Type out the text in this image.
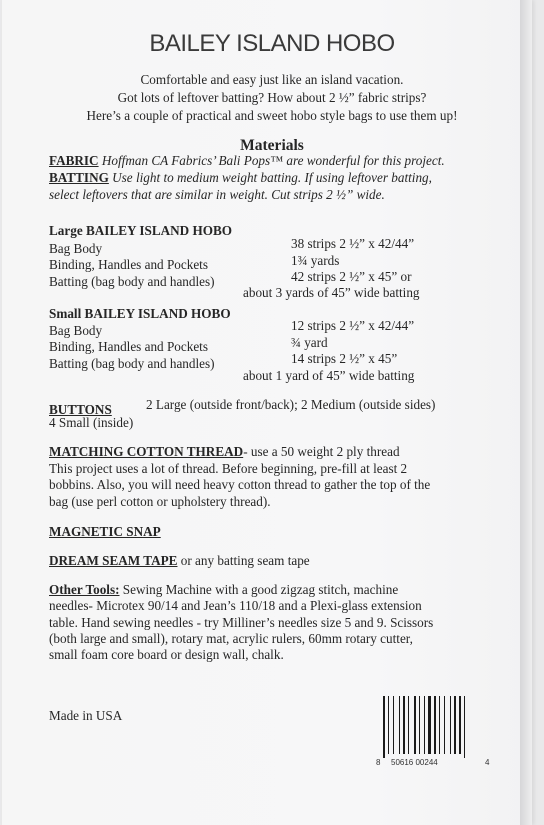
BAILEY ISLAND HOBO
Comfortable and easy just like an island vacation.
Got lots of leftover batting? How about 2 ½” fabric strips?
Here’s a couple of practical and sweet hobo style bags to use them up!
Materials
FABRIC Hoffman CA Fabrics’ Bali Pops™ are wonderful for this project.
BATTING Use light to medium weight batting. If using leftover batting,
select leftovers that are similar in weight. Cut strips 2 ½” wide.
Large BAILEY ISLAND HOBO
Bag Body	38 strips 2 ½” x 42/44”
Binding, Handles and Pockets	1¾ yards
Batting (bag body and handles)	42 strips 2 ½” x 45” or
about 3 yards of 45” wide batting
Small BAILEY ISLAND HOBO
Bag Body	12 strips 2 ½” x 42/44”
Binding, Handles and Pockets	¾ yard
Batting (bag body and handles)	14 strips 2 ½” x 45”
about 1 yard of 45” wide batting
BUTTONS	2 Large (outside front/back); 2 Medium (outside sides)
4 Small (inside)
MATCHING COTTON THREAD- use a 50 weight 2 ply thread
This project uses a lot of thread. Before beginning, pre-fill at least 2
bobbins. Also, you will need heavy cotton thread to gather the top of the
bag (use perl cotton or upholstery thread).
MAGNETIC SNAP
DREAM SEAM TAPE or any batting seam tape
Other Tools: Sewing Machine with a good zigzag stitch, machine
needles- Microtex 90/14 and Jean’s 110/18 and a Plexi-glass extension
table. Hand sewing needles - try Milliner’s needles size 5 and 9. Scissors
(both large and small), rotary mat, acrylic rulers, 60mm rotary cutter,
small foam core board or design wall, chalk.
Made in USA
8 50616 00244	4
